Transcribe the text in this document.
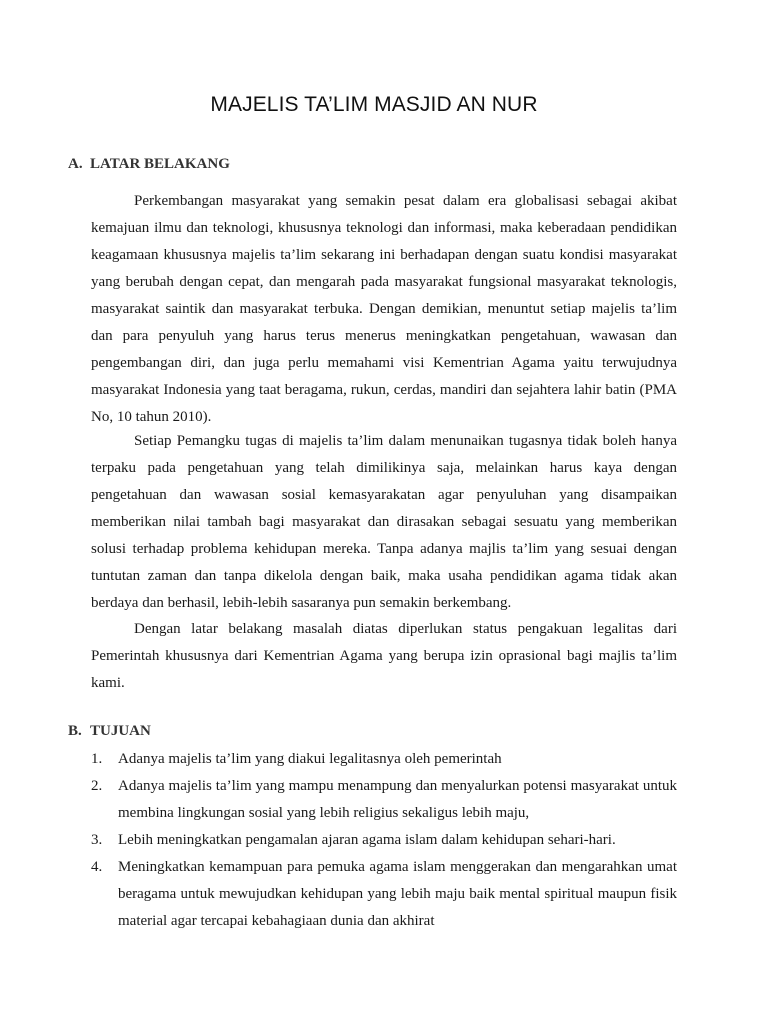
MAJELIS TA’LIM MASJID AN NUR
A. LATAR BELAKANG

Perkembangan masyarakat yang semakin pesat dalam era globalisasi sebagai akibat kemajuan ilmu dan teknologi, khususnya teknologi dan informasi, maka keberadaan pendidikan keagamaan khususnya majelis ta’lim sekarang ini berhadapan dengan suatu kondisi masyarakat yang berubah dengan cepat, dan mengarah pada masyarakat fungsional masyarakat teknologis, masyarakat saintik dan masyarakat terbuka. Dengan demikian, menuntut setiap majelis ta’lim dan para penyuluh yang harus terus menerus meningkatkan pengetahuan, wawasan dan pengembangan diri, dan juga perlu memahami visi Kementrian Agama yaitu terwujudnya masyarakat Indonesia yang taat beragama, rukun, cerdas, mandiri dan sejahtera lahir batin (PMA No, 10 tahun 2010).

Setiap Pemangku tugas di majelis ta’lim dalam menunaikan tugasnya tidak boleh hanya terpaku pada pengetahuan yang telah dimilikinya saja, melainkan harus kaya dengan pengetahuan dan wawasan sosial kemasyarakatan agar penyuluhan yang disampaikan memberikan nilai tambah bagi masyarakat dan dirasakan sebagai sesuatu yang memberikan solusi terhadap problema kehidupan mereka. Tanpa adanya majlis ta’lim yang sesuai dengan tuntutan zaman dan tanpa dikelola dengan baik, maka usaha pendidikan agama tidak akan berdaya dan berhasil, lebih-lebih sasaranya pun semakin berkembang.

Dengan latar belakang masalah diatas diperlukan status pengakuan legalitas dari Pemerintah khususnya dari Kementrian Agama yang berupa izin oprasional bagi majlis ta’lim kami.

B. TUJUAN
1.	Adanya majelis ta’lim yang diakui legalitasnya oleh pemerintah
2.	Adanya majelis ta’lim yang mampu menampung dan menyalurkan potensi masyarakat untuk membina lingkungan sosial yang lebih religius sekaligus lebih maju,
3.	Lebih meningkatkan pengamalan ajaran agama islam dalam kehidupan sehari-hari.
4.	Meningkatkan kemampuan para pemuka agama islam menggerakan dan mengarahkan umat beragama untuk mewujudkan kehidupan yang lebih maju baik mental spiritual maupun fisik material agar tercapai kebahagiaan dunia dan akhirat
